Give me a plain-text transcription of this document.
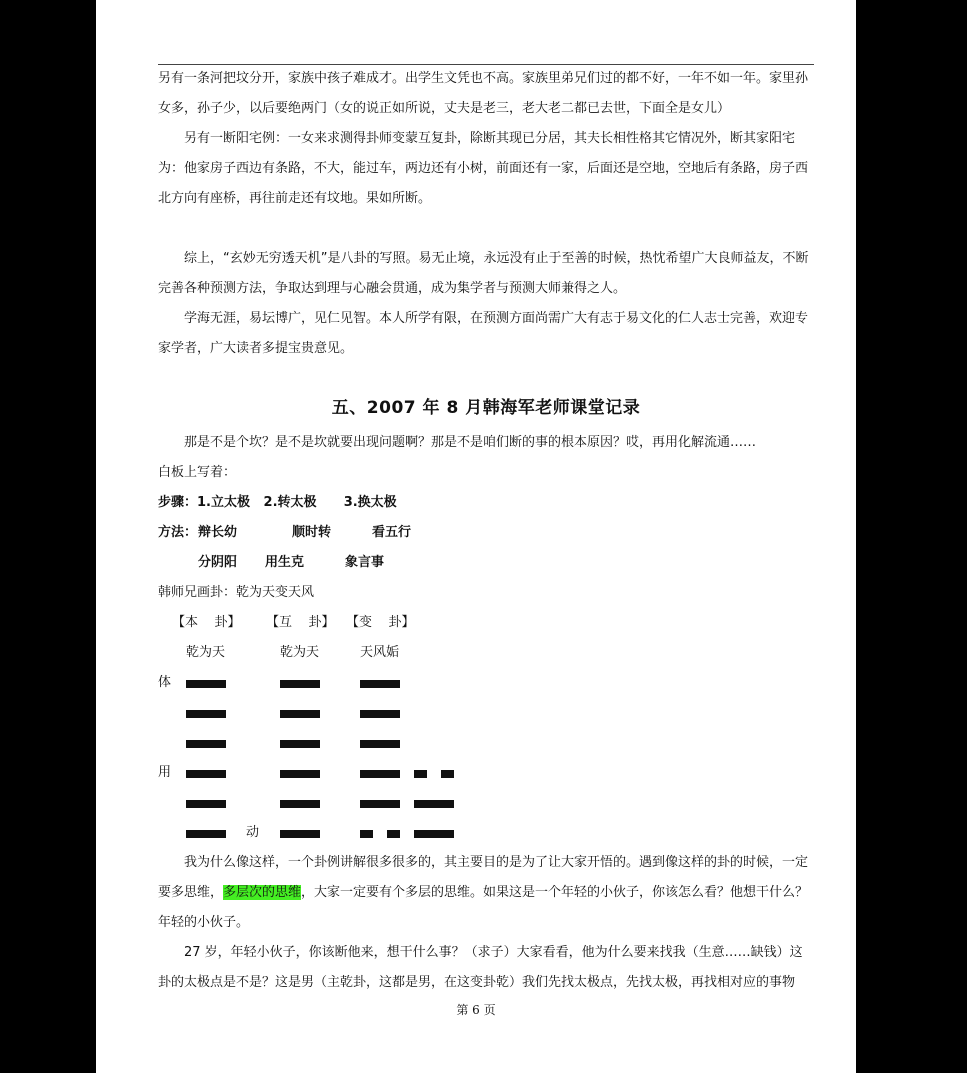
另有一条河把坟分开，家族中孩子难成才。出学生文凭也不高。家族里弟兄们过的都不好，一年不如一年。家里孙女多，孙子少，以后要绝两门（女的说正如所说，丈夫是老三，老大老二都已去世，下面全是女儿）

另有一断阳宅例：一女来求测得卦师变蒙互复卦，除断其现已分居，其夫长相性格其它情况外，断其家阳宅为：他家房子西边有条路，不大，能过车，两边还有小树，前面还有一家，后面还是空地，空地后有条路，房子西北方向有座桥，再往前走还有坟地。果如所断。

综上，“玄妙无穷透天机”是八卦的写照。易无止境，永远没有止于至善的时候，热忱希望广大良师益友，不断完善各种预测方法，争取达到理与心融会贯通，成为集学者与预测大师兼得之人。

学海无涯，易坛博广，见仁见智。本人所学有限，在预测方面尚需广大有志于易文化的仁人志士完善，欢迎专家学者，广大读者多提宝贵意见。

五、2007 年 8 月韩海军老师课堂记录

那是不是个坎？是不是坎就要出现问题啊？那是不是咱们断的事的根本原因？哎，再用化解流通……

白板上写着：

步骤：1.立太极   2.转太极      3.换太极

方法： 辩长幼	顺时转	看五行
分阴阳 用生克	象言事

韩师兄画卦：乾为天变天风

【本    卦】 【互    卦】 【变    卦】
乾为天	乾为天	天风姤
体
用
动

我为什么像这样，一个卦例讲解很多很多的，其主要目的是为了让大家开悟的。遇到像这样的卦的时候，一定要多思维，多层次的思维，大家一定要有个多层的思维。如果这是一个年轻的小伙子，你该怎么看？他想干什么？年轻的小伙子。

27 岁，年轻小伙子，你该断他来，想干什么事？（求子）大家看看，他为什么要来找我（生意……缺钱）这卦的太极点是不是？这是男（主乾卦，这都是男，在这变卦乾）我们先找太极点，先找太极，再找相对应的事物

第 6 页
